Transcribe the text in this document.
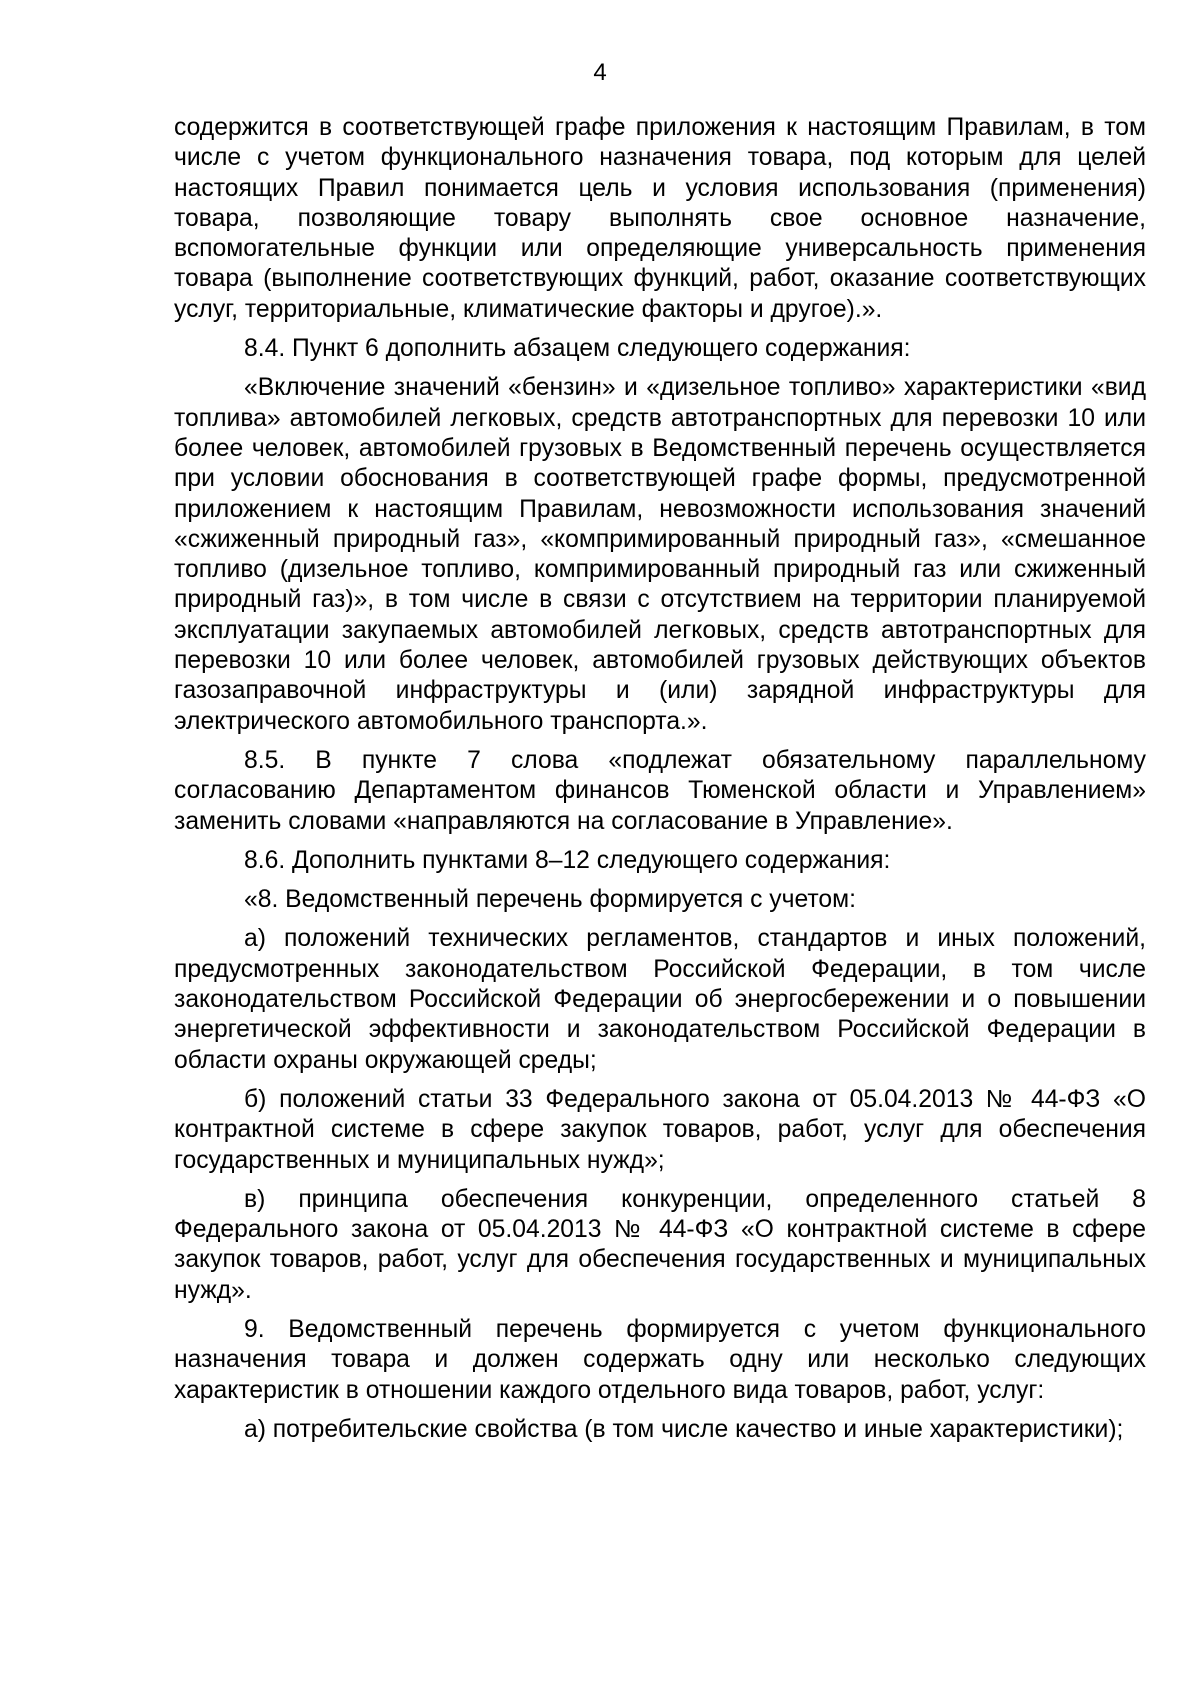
4

содержится в соответствующей графе приложения к настоящим Правилам, в том числе с учетом функционального назначения товара, под которым для целей настоящих Правил понимается цель и условия использования (применения) товара, позволяющие товару выполнять свое основное назначение, вспомогательные функции или определяющие универсальность применения товара (выполнение соответствующих функций, работ, оказание соответствующих услуг, территориальные, климатические факторы и другое).».

8.4. Пункт 6 дополнить абзацем следующего содержания:

«Включение значений «бензин» и «дизельное топливо» характеристики «вид топлива» автомобилей легковых, средств автотранспортных для перевозки 10 или более человек, автомобилей грузовых в Ведомственный перечень осуществляется при условии обоснования в соответствующей графе формы, предусмотренной приложением к настоящим Правилам, невозможности использования значений «сжиженный природный газ», «компримированный природный газ», «смешанное топливо (дизельное топливо, компримированный природный газ или сжиженный природный газ)», в том числе в связи с отсутствием на территории планируемой эксплуатации закупаемых автомобилей легковых, средств автотранспортных для перевозки 10 или более человек, автомобилей грузовых действующих объектов газозаправочной инфраструктуры и (или) зарядной инфраструктуры для электрического автомобильного транспорта.».

8.5. В пункте 7 слова «подлежат обязательному параллельному согласованию Департаментом финансов Тюменской области и Управлением» заменить словами «направляются на согласование в Управление».

8.6. Дополнить пунктами 8–12 следующего содержания:

«8. Ведомственный перечень формируется с учетом:

а) положений технических регламентов, стандартов и иных положений, предусмотренных законодательством Российской Федерации, в том числе законодательством Российской Федерации об энергосбережении и о повышении энергетической эффективности и законодательством Российской Федерации в области охраны окружающей среды;

б) положений статьи 33 Федерального закона от 05.04.2013 № 44-ФЗ «О контрактной системе в сфере закупок товаров, работ, услуг для обеспечения государственных и муниципальных нужд»;

в) принципа обеспечения конкуренции, определенного статьей 8 Федерального закона от 05.04.2013 № 44-ФЗ «О контрактной системе в сфере закупок товаров, работ, услуг для обеспечения государственных и муниципальных нужд».

9. Ведомственный перечень формируется с учетом функционального назначения товара и должен содержать одну или несколько следующих характеристик в отношении каждого отдельного вида товаров, работ, услуг:

а) потребительские свойства (в том числе качество и иные характеристики);
